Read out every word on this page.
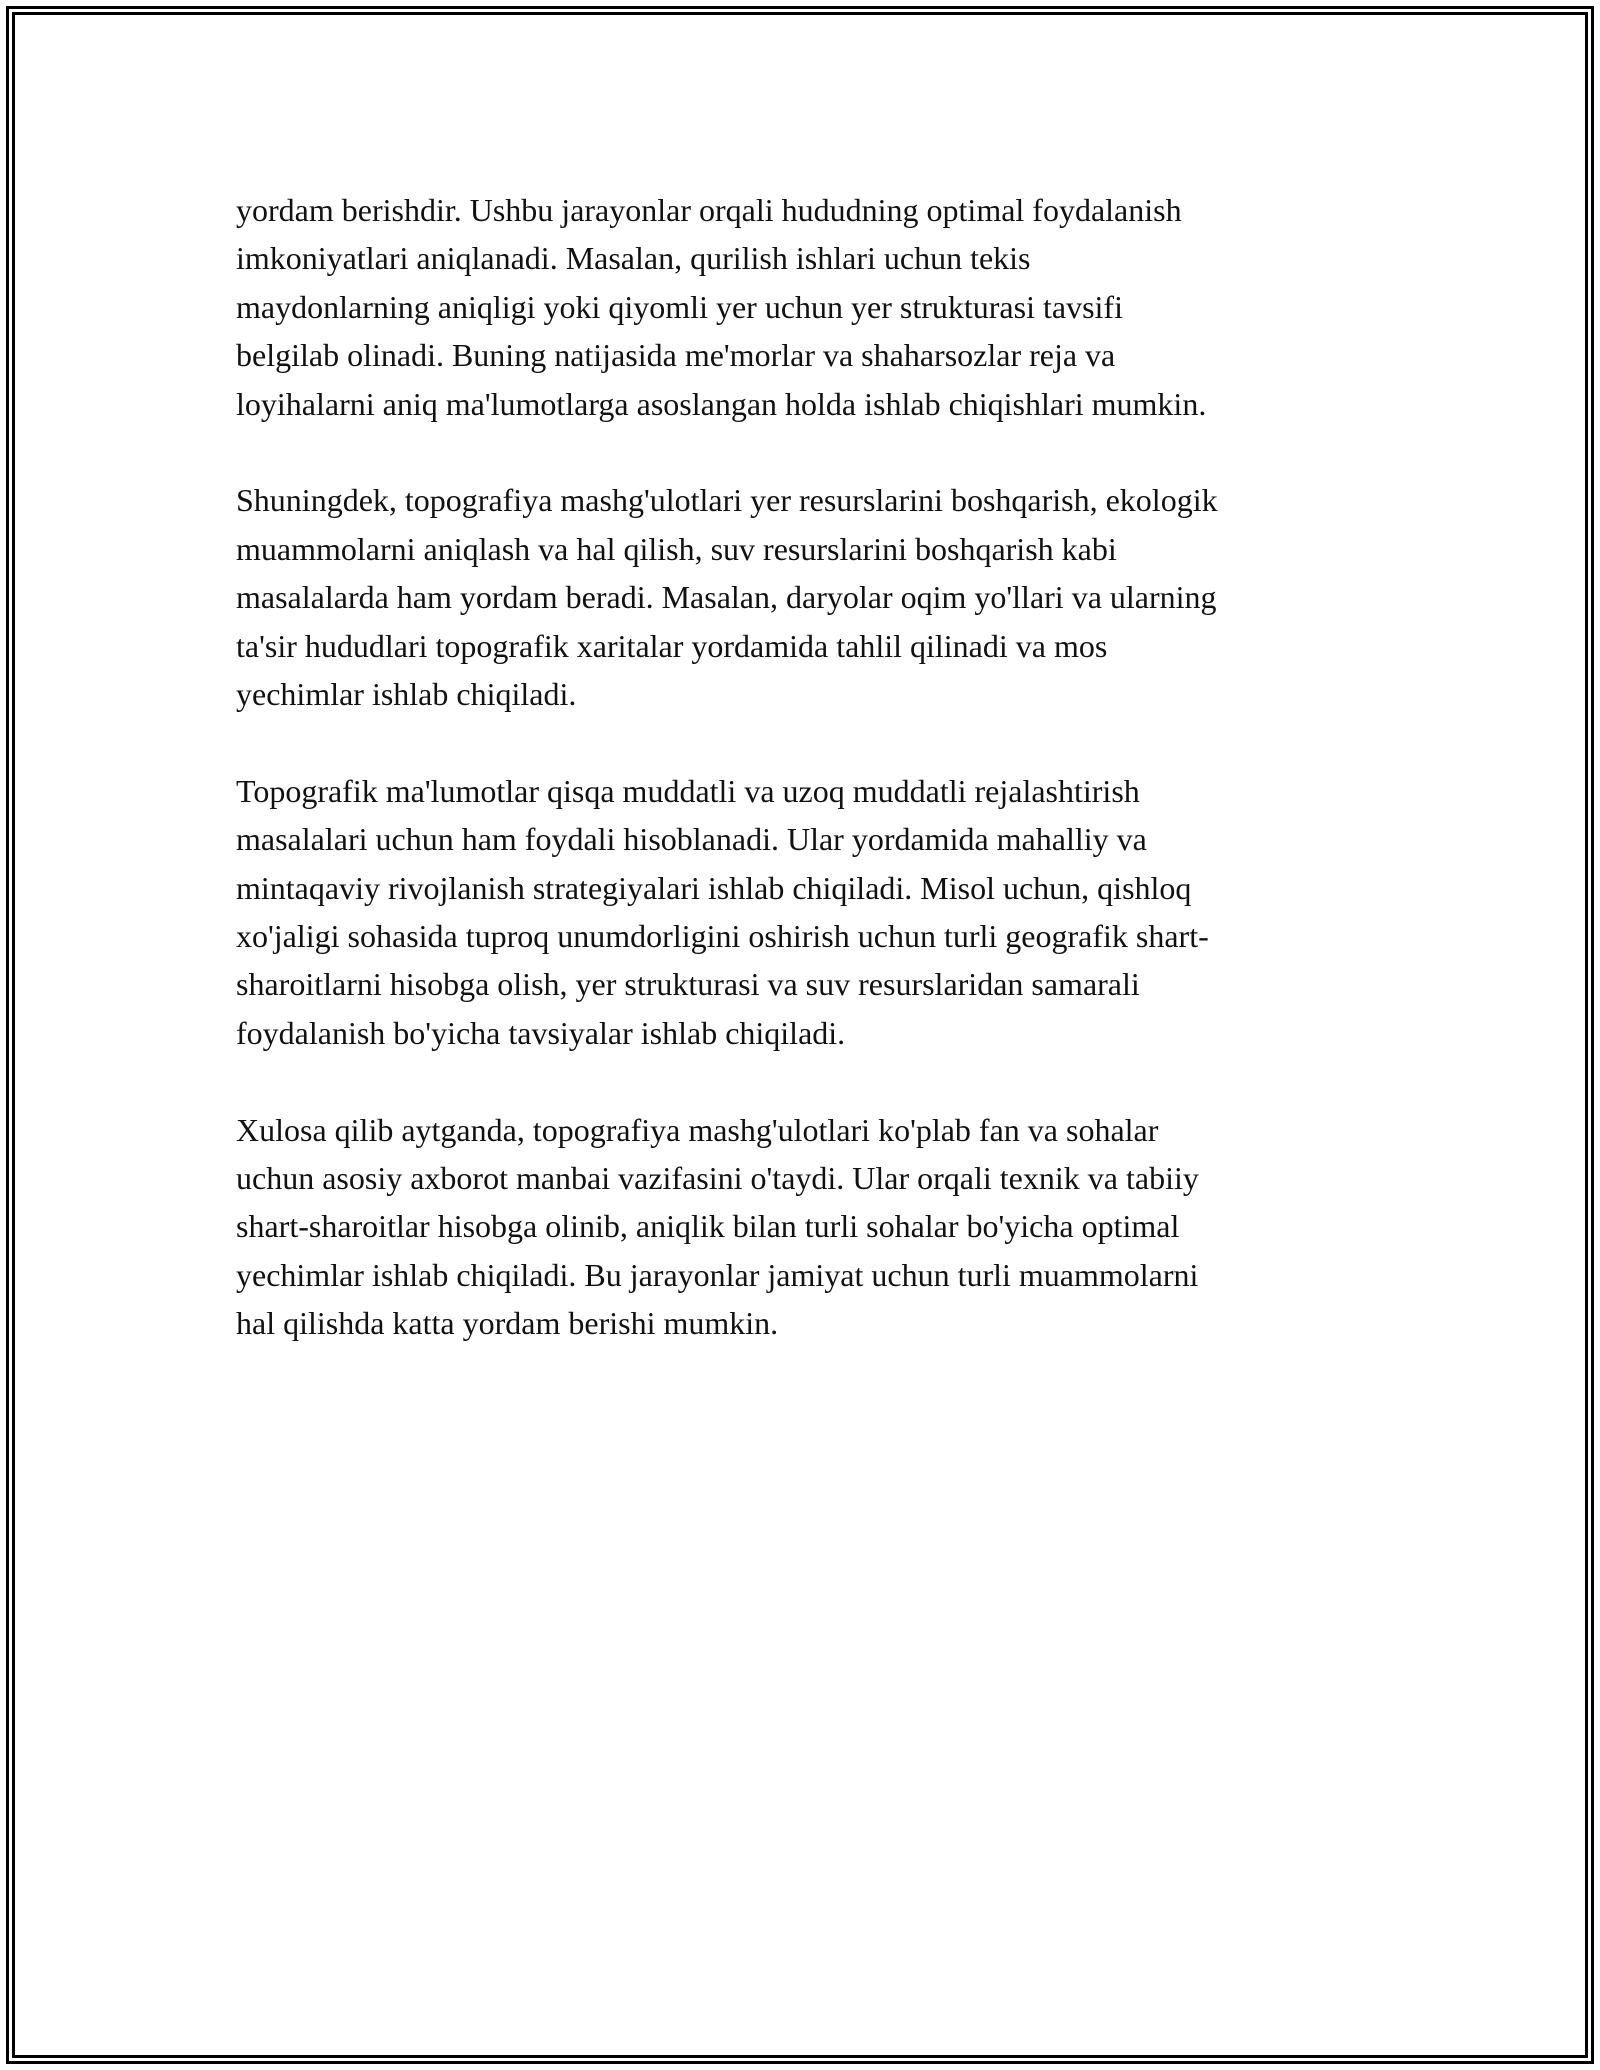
yordam berishdir. Ushbu jarayonlar orqali hududning optimal foydalanish
imkoniyatlari aniqlanadi. Masalan, qurilish ishlari uchun tekis
maydonlarning aniqligi yoki qiyomli yer uchun yer strukturasi tavsifi
belgilab olinadi. Buning natijasida me'morlar va shaharsozlar reja va
loyihalarni aniq ma'lumotlarga asoslangan holda ishlab chiqishlari mumkin.

Shuningdek, topografiya mashg'ulotlari yer resurslarini boshqarish, ekologik
muammolarni aniqlash va hal qilish, suv resurslarini boshqarish kabi
masalalarda ham yordam beradi. Masalan, daryolar oqim yo'llari va ularning
ta'sir hududlari topografik xaritalar yordamida tahlil qilinadi va mos
yechimlar ishlab chiqiladi.

Topografik ma'lumotlar qisqa muddatli va uzoq muddatli rejalashtirish
masalalari uchun ham foydali hisoblanadi. Ular yordamida mahalliy va
mintaqaviy rivojlanish strategiyalari ishlab chiqiladi. Misol uchun, qishloq
xo'jaligi sohasida tuproq unumdorligini oshirish uchun turli geografik shart-
sharoitlarni hisobga olish, yer strukturasi va suv resurslaridan samarali
foydalanish bo'yicha tavsiyalar ishlab chiqiladi.

Xulosa qilib aytganda, topografiya mashg'ulotlari ko'plab fan va sohalar
uchun asosiy axborot manbai vazifasini o'taydi. Ular orqali texnik va tabiiy
shart-sharoitlar hisobga olinib, aniqlik bilan turli sohalar bo'yicha optimal
yechimlar ishlab chiqiladi. Bu jarayonlar jamiyat uchun turli muammolarni
hal qilishda katta yordam berishi mumkin.
